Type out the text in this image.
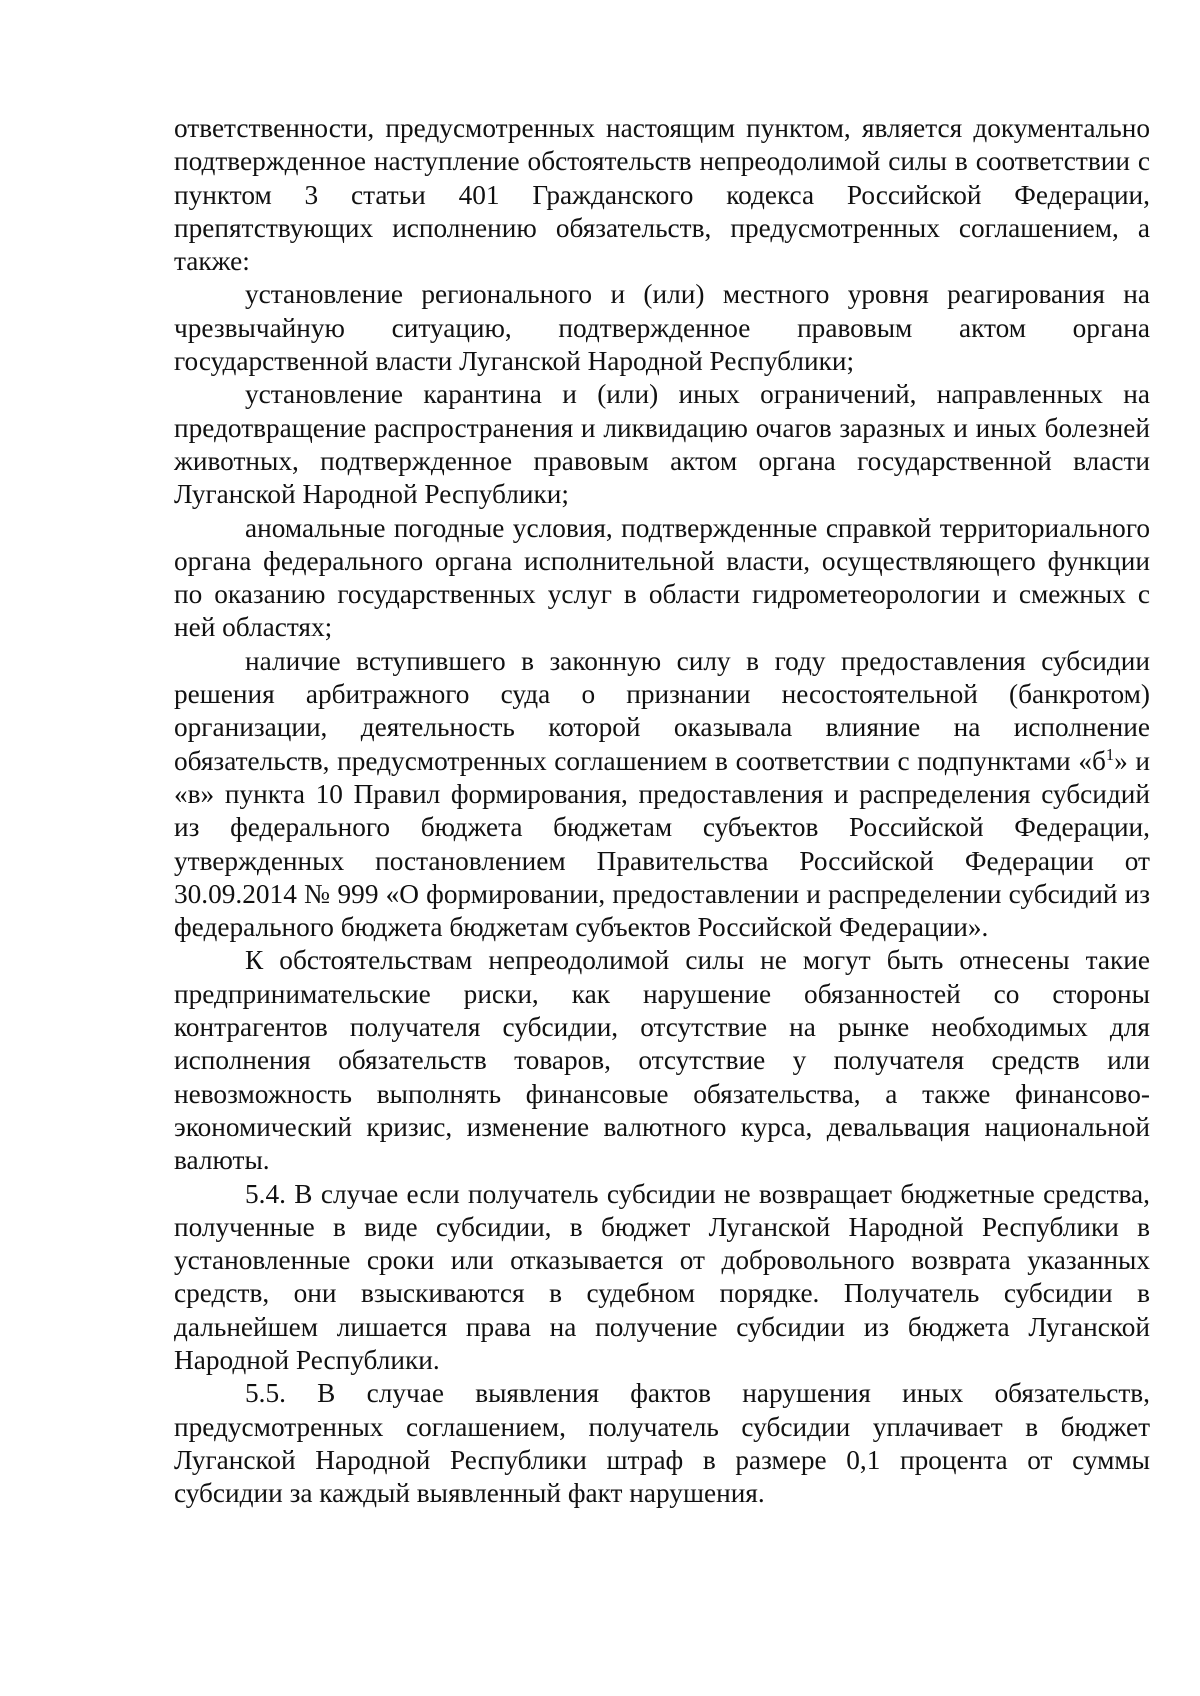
ответственности, предусмотренных настоящим пунктом, является документально подтвержденное наступление обстоятельств непреодолимой силы в соответствии с пунктом 3 статьи 401 Гражданского кодекса Российской Федерации, препятствующих исполнению обязательств, предусмотренных соглашением, а также:

установление регионального и (или) местного уровня реагирования на чрезвычайную ситуацию, подтвержденное правовым актом органа государственной власти Луганской Народной Республики;

установление карантина и (или) иных ограничений, направленных на предотвращение распространения и ликвидацию очагов заразных и иных болезней животных, подтвержденное правовым актом органа государственной власти Луганской Народной Республики;

аномальные погодные условия, подтвержденные справкой территориального органа федерального органа исполнительной власти, осуществляющего функции по оказанию государственных услуг в области гидрометеорологии и смежных с ней областях;

наличие вступившего в законную силу в году предоставления субсидии решения арбитражного суда о признании несостоятельной (банкротом) организации, деятельность которой оказывала влияние на исполнение обязательств, предусмотренных соглашением в соответствии с подпунктами «$б^1$» и «в» пункта 10 Правил формирования, предоставления и распределения субсидий из федерального бюджета бюджетам субъектов Российской Федерации, утвержденных постановлением Правительства Российской Федерации от 30.09.2014 № 999 «О формировании, предоставлении и распределении субсидий из федерального бюджета бюджетам субъектов Российской Федерации».

К обстоятельствам непреодолимой силы не могут быть отнесены такие предпринимательские риски, как нарушение обязанностей со стороны контрагентов получателя субсидии, отсутствие на рынке необходимых для исполнения обязательств товаров, отсутствие у получателя средств или невозможность выполнять финансовые обязательства, а также финансово-экономический кризис, изменение валютного курса, девальвация национальной валюты.

5.4. В случае если получатель субсидии не возвращает бюджетные средства, полученные в виде субсидии, в бюджет Луганской Народной Республики в установленные сроки или отказывается от добровольного возврата указанных средств, они взыскиваются в судебном порядке. Получатель субсидии в дальнейшем лишается права на получение субсидии из бюджета Луганской Народной Республики.

5.5. В случае выявления фактов нарушения иных обязательств, предусмотренных соглашением, получатель субсидии уплачивает в бюджет Луганской Народной Республики штраф в размере 0,1 процента от суммы субсидии за каждый выявленный факт нарушения.
